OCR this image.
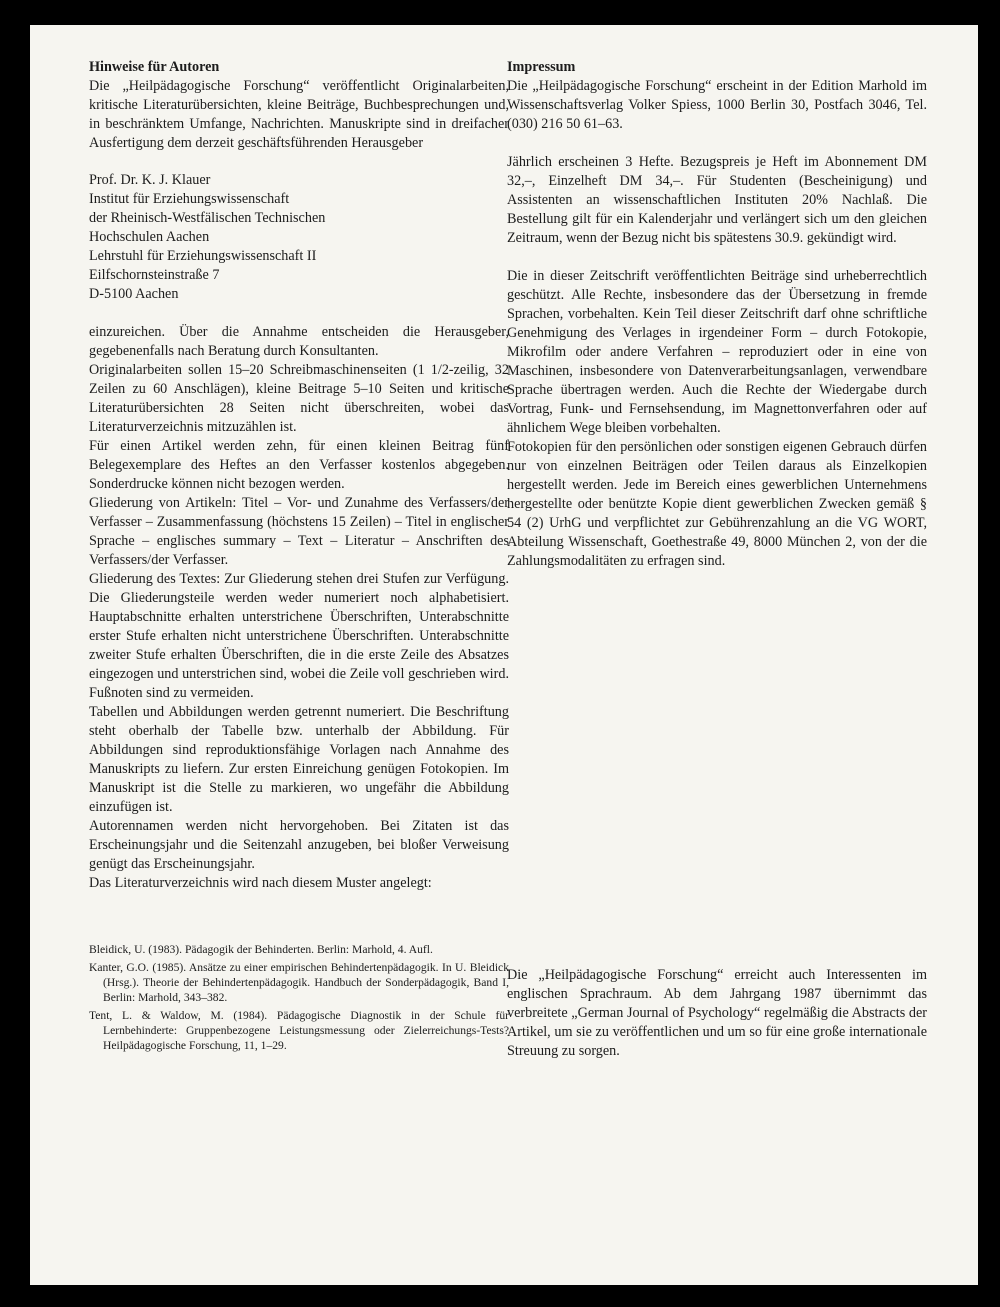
Hinweise für Autoren

Die „Heilpädagogische Forschung“ veröffentlicht Originalarbeiten, kritische Literaturübersichten, kleine Beiträge, Buchbesprechungen und, in beschränktem Umfange, Nachrichten. Manuskripte sind in dreifacher Ausfertigung dem derzeit geschäftsführenden Herausgeber

Prof. Dr. K. J. Klauer
Institut für Erziehungswissenschaft
der Rheinisch-Westfälischen Technischen
Hochschulen Aachen
Lehrstuhl für Erziehungswissenschaft II
Eilfschornsteinstraße 7
D-5100 Aachen

einzureichen. Über die Annahme entscheiden die Herausgeber, gegebenenfalls nach Beratung durch Konsultanten.

Originalarbeiten sollen 15–20 Schreibmaschinenseiten (1 1/2-zeilig, 32 Zeilen zu 60 Anschlägen), kleine Beitrage 5–10 Seiten und kritische Literaturübersichten 28 Seiten nicht überschreiten, wobei das Literaturverzeichnis mitzuzählen ist.

Für einen Artikel werden zehn, für einen kleinen Beitrag fünf Belegexemplare des Heftes an den Verfasser kostenlos abgegeben. Sonderdrucke können nicht bezogen werden.

Gliederung von Artikeln: Titel – Vor- und Zunahme des Verfassers/der Verfasser – Zusammenfassung (höchstens 15 Zeilen) – Titel in englischer Sprache – englisches summary – Text – Literatur – Anschriften des Verfassers/der Verfasser.

Gliederung des Textes: Zur Gliederung stehen drei Stufen zur Verfügung. Die Gliederungsteile werden weder numeriert noch alphabetisiert. Hauptabschnitte erhalten unterstrichene Überschriften, Unterabschnitte erster Stufe erhalten nicht unterstrichene Überschriften. Unterabschnitte zweiter Stufe erhalten Überschriften, die in die erste Zeile des Absatzes eingezogen und unterstrichen sind, wobei die Zeile voll geschrieben wird. Fußnoten sind zu vermeiden.

Tabellen und Abbildungen werden getrennt numeriert. Die Beschriftung steht oberhalb der Tabelle bzw. unterhalb der Abbildung. Für Abbildungen sind reproduktionsfähige Vorlagen nach Annahme des Manuskripts zu liefern. Zur ersten Einreichung genügen Fotokopien. Im Manuskript ist die Stelle zu markieren, wo ungefähr die Abbildung einzufügen ist.

Autorennamen werden nicht hervorgehoben. Bei Zitaten ist das Erscheinungsjahr und die Seitenzahl anzugeben, bei bloßer Verweisung genügt das Erscheinungsjahr.

Das Literaturverzeichnis wird nach diesem Muster angelegt:

Bleidick, U. (1983). Pädagogik der Behinderten. Berlin: Marhold, 4. Aufl.

Kanter, G.O. (1985). Ansätze zu einer empirischen Behindertenpädagogik. In U. Bleidick (Hrsg.). Theorie der Behindertenpädagogik. Handbuch der Sonderpädagogik, Band I, Berlin: Marhold, 343–382.

Tent, L. & Waldow, M. (1984). Pädagogische Diagnostik in der Schule für Lernbehinderte: Gruppenbezogene Leistungsmessung oder Zielerreichungs-Tests? Heilpädagogische Forschung, 11, 1–29.

Impressum

Die „Heilpädagogische Forschung“ erscheint in der Edition Marhold im Wissenschaftsverlag Volker Spiess, 1000 Berlin 30, Postfach 3046, Tel. (030) 216 50 61–63.

Jährlich erscheinen 3 Hefte. Bezugspreis je Heft im Abonnement DM 32,–, Einzelheft DM 34,–. Für Studenten (Bescheinigung) und Assistenten an wissenschaftlichen Instituten 20% Nachlaß. Die Bestellung gilt für ein Kalenderjahr und verlängert sich um den gleichen Zeitraum, wenn der Bezug nicht bis spätestens 30.9. gekündigt wird.

Die in dieser Zeitschrift veröffentlichten Beiträge sind urheberrechtlich geschützt. Alle Rechte, insbesondere das der Übersetzung in fremde Sprachen, vorbehalten. Kein Teil dieser Zeitschrift darf ohne schriftliche Genehmigung des Verlages in irgendeiner Form – durch Fotokopie, Mikrofilm oder andere Verfahren – reproduziert oder in eine von Maschinen, insbesondere von Datenverarbeitungsanlagen, verwendbare Sprache übertragen werden. Auch die Rechte der Wiedergabe durch Vortrag, Funk- und Fernsehsendung, im Magnettonverfahren oder auf ähnlichem Wege bleiben vorbehalten.

Fotokopien für den persönlichen oder sonstigen eigenen Gebrauch dürfen nur von einzelnen Beiträgen oder Teilen daraus als Einzelkopien hergestellt werden. Jede im Bereich eines gewerblichen Unternehmens hergestellte oder benützte Kopie dient gewerblichen Zwecken gemäß § 54 (2) UrhG und verpflichtet zur Gebührenzahlung an die VG WORT, Abteilung Wissenschaft, Goethestraße 49, 8000 München 2, von der die Zahlungsmodalitäten zu erfragen sind.

Die „Heilpädagogische Forschung“ erreicht auch Interessenten im englischen Sprachraum. Ab dem Jahrgang 1987 übernimmt das verbreitete „German Journal of Psychology“ regelmäßig die Abstracts der Artikel, um sie zu veröffentlichen und um so für eine große internationale Streuung zu sorgen.
